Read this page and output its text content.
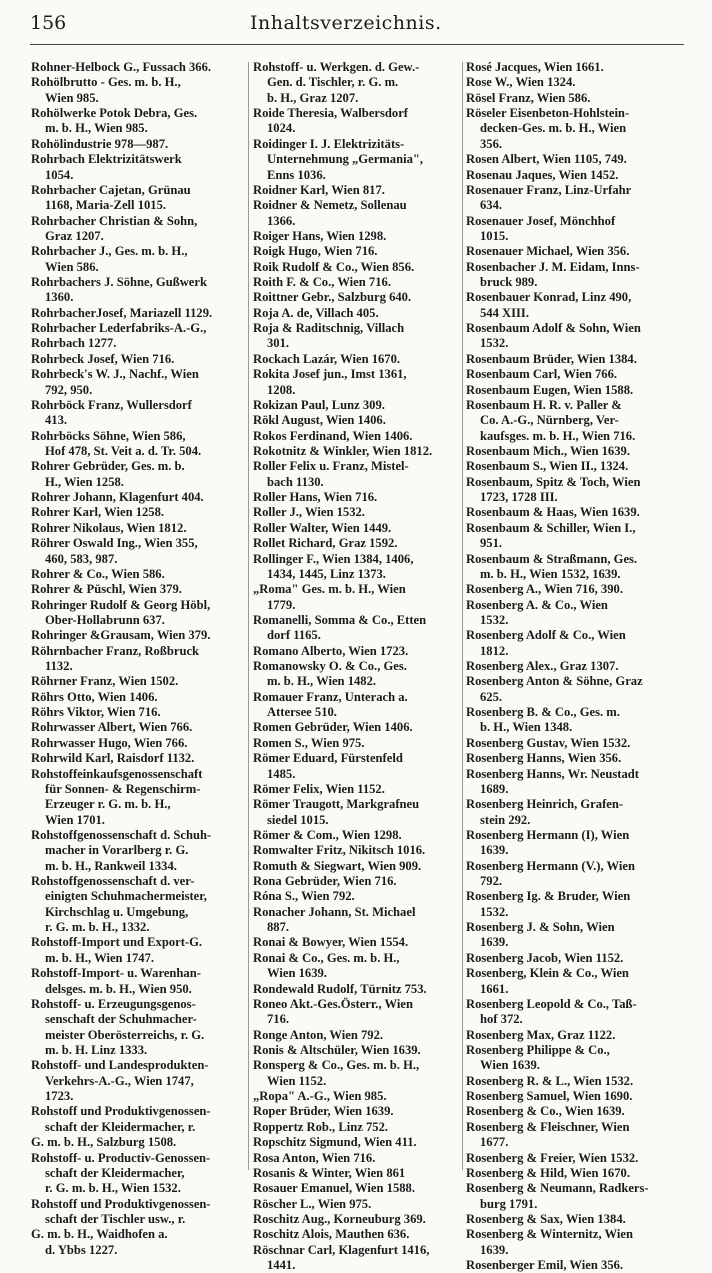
156	Inhaltsverzeichnis.
Rohner-Helbock G., Fussach 366.
Rohölbrutto - Ges. m. b. H.,
Wien 985.
Rohölwerke Potok Debra, Ges.
m. b. H., Wien 985.
Rohölindustrie 978—987.
Rohrbach Elektrizitätswerk
1054.
Rohrbacher Cajetan, Grünau
1168, Maria-Zell 1015.
Rohrbacher Christian & Sohn,
Graz 1207.
Rohrbacher J., Ges. m. b. H.,
Wien 586.
Rohrbachers J. Söhne, Gußwerk
1360.
RohrbacherJosef, Mariazell 1129.
Rohrbacher Lederfabriks-A.-G.,
Rohrbach 1277.
Rohrbeck Josef, Wien 716.
Rohrbeck's W. J., Nachf., Wien
792, 950.
Rohrböck Franz, Wullersdorf
413.
Rohrböcks Söhne, Wien 586,
Hof 478, St. Veit a. d. Tr. 504.
Rohrer Gebrüder, Ges. m. b.
H., Wien 1258.
Rohrer Johann, Klagenfurt 404.
Rohrer Karl, Wien 1258.
Rohrer Nikolaus, Wien 1812.
Röhrer Oswald Ing., Wien 355,
460, 583, 987.
Rohrer & Co., Wien 586.
Rohrer & Püschl, Wien 379.
Rohringer Rudolf & Georg Höbl,
Ober-Hollabrunn 637.
Rohringer &Grausam, Wien 379.
Röhrnbacher Franz, Roßbruck
1132.
Röhrner Franz, Wien 1502.
Röhrs Otto, Wien 1406.
Röhrs Viktor, Wien 716.
Rohrwasser Albert, Wien 766.
Rohrwasser Hugo, Wien 766.
Rohrwild Karl, Raisdorf 1132.
Rohstoffeinkaufsgenossenschaft
für Sonnen- & Regenschirm-
Erzeuger r. G. m. b. H.,
Wien 1701.
Rohstoffgenossenschaft d. Schuh-
macher in Vorarlberg r. G.
m. b. H., Rankweil 1334.
Rohstoffgenossenschaft d. ver-
einigten Schuhmachermeister,
Kirchschlag u. Umgebung,
r. G. m. b. H., 1332.
Rohstoff-Import und Export-G.
m. b. H., Wien 1747.
Rohstoff-Import- u. Warenhan-
delsges. m. b. H., Wien 950.
Rohstoff- u. Erzeugungsgenos-
senschaft der Schuhmacher-
meister Oberösterreichs, r. G.
m. b. H. Linz 1333.
Rohstoff- und Landesprodukten-
Verkehrs-A.-G., Wien 1747,
1723.
Rohstoff und Produktivgenossen-
schaft der Kleidermacher, r.
G. m. b. H., Salzburg 1508.
Rohstoff- u. Productiv-Genossen-
schaft der Kleidermacher,
r. G. m. b. H., Wien 1532.
Rohstoff und Produktivgenossen-
schaft der Tischler usw., r.
G. m. b. H., Waidhofen a.
d. Ybbs 1227.
Rohstoff- u. Werkgen. d. Gew.-
Gen. d. Tischler, r. G. m.
b. H., Graz 1207.
Roide Theresia, Walbersdorf
1024.
Roidinger I. J. Elektrizitäts-
Unternehmung „Germania",
Enns 1036.
Roidner Karl, Wien 817.
Roidner & Nemetz, Sollenau
1366.
Roiger Hans, Wien 1298.
Roigk Hugo, Wien 716.
Roik Rudolf & Co., Wien 856.
Roith F. & Co., Wien 716.
Roittner Gebr., Salzburg 640.
Roja A. de, Villach 405.
Roja & Raditschnig, Villach
301.
Rockach Lazár, Wien 1670.
Rokita Josef jun., Imst 1361,
1208.
Rokizan Paul, Lunz 309.
Rökl August, Wien 1406.
Rokos Ferdinand, Wien 1406.
Rokotnitz & Winkler, Wien 1812.
Roller Felix u. Franz, Mistel-
bach 1130.
Roller Hans, Wien 716.
Roller J., Wien 1532.
Roller Walter, Wien 1449.
Rollet Richard, Graz 1592.
Rollinger F., Wien 1384, 1406,
1434, 1445, Linz 1373.
„Roma" Ges. m. b. H., Wien
1779.
Romanelli, Somma & Co., Etten
dorf 1165.
Romano Alberto, Wien 1723.
Romanowsky O. & Co., Ges.
m. b. H., Wien 1482.
Romauer Franz, Unterach a.
Attersee 510.
Romen Gebrüder, Wien 1406.
Romen S., Wien 975.
Römer Eduard, Fürstenfeld
1485.
Römer Felix, Wien 1152.
Römer Traugott, Markgrafneu
siedel 1015.
Römer & Com., Wien 1298.
Romwalter Fritz, Nikitsch 1016.
Romuth & Siegwart, Wien 909.
Rona Gebrüder, Wien 716.
Róna S., Wien 792.
Ronacher Johann, St. Michael
887.
Ronai & Bowyer, Wien 1554.
Ronai & Co., Ges. m. b. H.,
Wien 1639.
Rondewald Rudolf, Türnitz 753.
Roneo Akt.-Ges.Österr., Wien
716.
Ronge Anton, Wien 792.
Ronis & Altschüler, Wien 1639.
Ronsperg & Co., Ges. m. b. H.,
Wien 1152.
„Ropa" A.-G., Wien 985.
Roper Brüder, Wien 1639.
Roppertz Rob., Linz 752.
Ropschitz Sigmund, Wien 411.
Rosa Anton, Wien 716.
Rosanis & Winter, Wien 861
Rosauer Emanuel, Wien 1588.
Röscher L., Wien 975.
Roschitz Aug., Korneuburg 369.
Roschitz Alois, Mauthen 636.
Röschnar Carl, Klagenfurt 1416,
1441.
Rosé Jacques, Wien 1661.
Rose W., Wien 1324.
Rösel Franz, Wien 586.
Röseler Eisenbeton-Hohlstein-
decken-Ges. m. b. H., Wien
356.
Rosen Albert, Wien 1105, 749.
Rosenau Jaques, Wien 1452.
Rosenauer Franz, Linz-Urfahr
634.
Rosenauer Josef, Mönchhof
1015.
Rosenauer Michael, Wien 356.
Rosenbacher J. M. Eidam, Inns-
bruck 989.
Rosenbauer Konrad, Linz 490,
544 XIII.
Rosenbaum Adolf & Sohn, Wien
1532.
Rosenbaum Brüder, Wien 1384.
Rosenbaum Carl, Wien 766.
Rosenbaum Eugen, Wien 1588.
Rosenbaum H. R. v. Paller &
Co. A.-G., Nürnberg, Ver-
kaufsges. m. b. H., Wien 716.
Rosenbaum Mich., Wien 1639.
Rosenbaum S., Wien II., 1324.
Rosenbaum, Spitz & Toch, Wien
1723, 1728 III.
Rosenbaum & Haas, Wien 1639.
Rosenbaum & Schiller, Wien I.,
951.
Rosenbaum & Straßmann, Ges.
m. b. H., Wien 1532, 1639.
Rosenberg A., Wien 716, 390.
Rosenberg A. & Co., Wien
1532.
Rosenberg Adolf & Co., Wien
1812.
Rosenberg Alex., Graz 1307.
Rosenberg Anton & Söhne, Graz
625.
Rosenberg B. & Co., Ges. m.
b. H., Wien 1348.
Rosenberg Gustav, Wien 1532.
Rosenberg Hanns, Wien 356.
Rosenberg Hanns, Wr. Neustadt
1689.
Rosenberg Heinrich, Grafen-
stein 292.
Rosenberg Hermann (I), Wien
1639.
Rosenberg Hermann (V.), Wien
792.
Rosenberg Ig. & Bruder, Wien
1532.
Rosenberg J. & Sohn, Wien
1639.
Rosenberg Jacob, Wien 1152.
Rosenberg, Klein & Co., Wien
1661.
Rosenberg Leopold & Co., Taß-
hof 372.
Rosenberg Max, Graz 1122.
Rosenberg Philippe & Co.,
Wien 1639.
Rosenberg R. & L., Wien 1532.
Rosenberg Samuel, Wien 1690.
Rosenberg & Co., Wien 1639.
Rosenberg & Fleischner, Wien
1677.
Rosenberg & Freier, Wien 1532.
Rosenberg & Hild, Wien 1670.
Rosenberg & Neumann, Radkers-
burg 1791.
Rosenberg & Sax, Wien 1384.
Rosenberg & Winternitz, Wien
1639.
Rosenberger Emil, Wien 356.
